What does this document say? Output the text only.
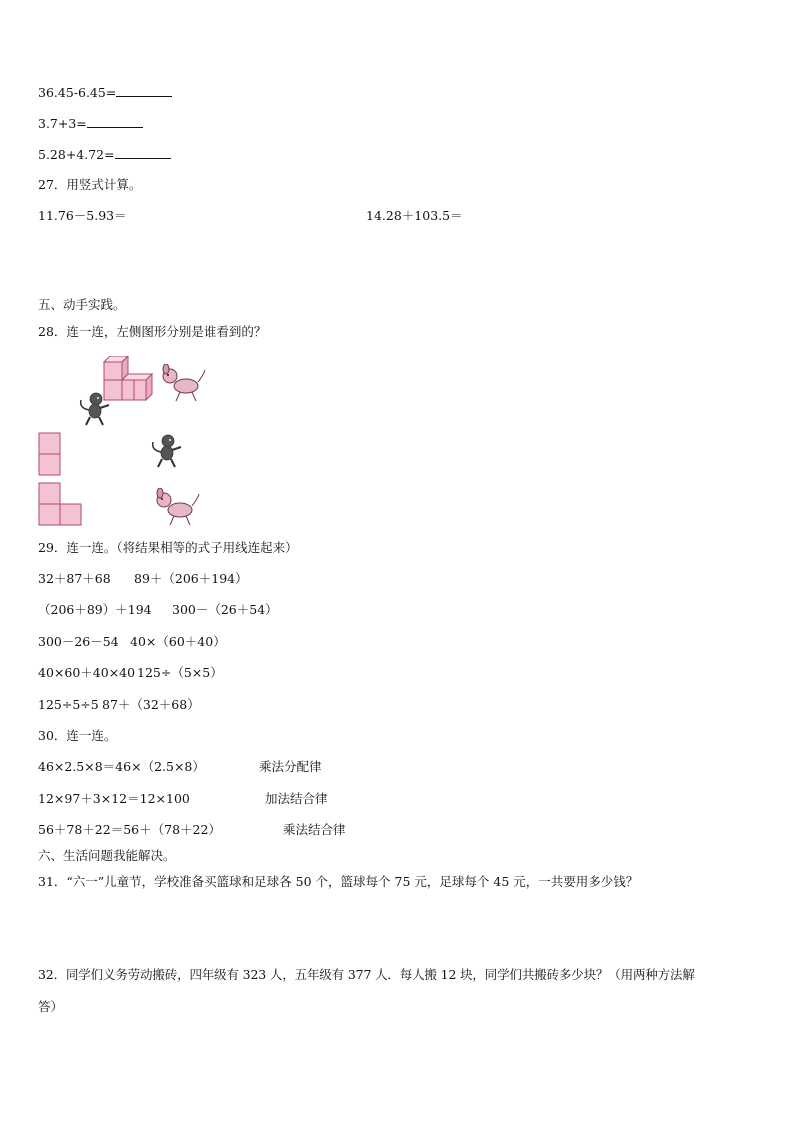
36.45-6.45=
3.7+3=
5.28+4.72=
27．用竖式计算。
11.76－5.93＝	14.28＋103.5＝
五、动手实践。
28．连一连，左侧图形分别是谁看到的？
29．连一连。（将结果相等的式子用线连起来）
32＋87＋68 89＋（206＋194）
（206＋89）＋194 300－（26＋54）
300－26－54 40×（60＋40）
40×60＋40×40 125÷（5×5）
125÷5÷5 87＋（32＋68）
30．连一连。
46×2.5×8＝46×（2.5×8）	乘法分配律
12×97＋3×12＝12×100	加法结合律
56＋78＋22＝56＋（78＋22）	乘法结合律
六、生活问题我能解决。
31．“六一”儿童节，学校准备买篮球和足球各 50 个，篮球每个 75 元，足球每个 45 元，一共要用多少钱？
32．同学们义务劳动搬砖，四年级有 323 人，五年级有 377 人．每人搬 12 块，同学们共搬砖多少块？（用两种方法解
答）
